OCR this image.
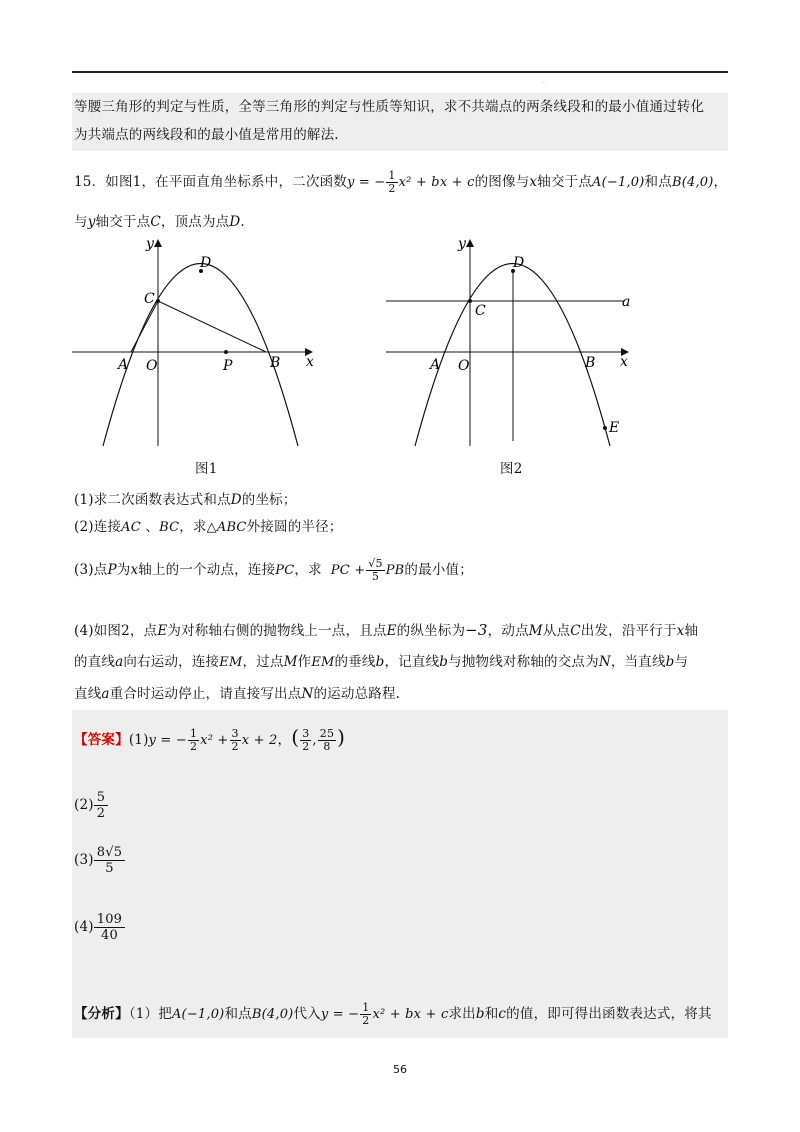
·
等腰三角形的判定与性质，全等三角形的判定与性质等知识，求不共端点的两条线段和的最小值通过转化
为共端点的两线段和的最小值是常用的解法.
15．如图1，在平面直角坐标系中，二次函数y = − $\frac{1}{2} x^2$ + bx + c的图像与x轴交于点A(−1,0)和点B(4,0)，
与y轴交于点C，顶点为点D.
y
x
O
A	B
C
D
P
图1
y
x
O
A	B
C
D
E
a
图2
(1)求二次函数表达式和点D的坐标；
(2)连接AC 、BC，求△ABC外接圆的半径；
(3)点P为x轴上的一个动点，连接PC，求 PC + $\frac{√5}{5}$ PB的最小值；
(4)如图2，点E为对称轴右侧的抛物线上一点，且点E的纵坐标为−3，动点M从点C出发，沿平行于x轴
的直线a向右运动，连接EM，过点M作EM的垂线b，记直线b与抛物线对称轴的交点为N，当直线b与
直线a重合时运动停止，请直接写出点N的运动总路程.
【答案】(1)y = − $\frac{1}{2} x^2 + \frac{3}{2}$ x + 2，( $\frac{3}{2}$ , $\frac{25}{8}$ )
$(2) \frac{5}{2}$
$(3) \frac{8√5}{5}$
$(4) \frac{109}{40}$
【分析】（1）把A(−1,0)和点B(4,0)代入y = − $\frac{1}{2} x^2$ + bx + c求出b和c的值，即可得出函数表达式，将其
56
